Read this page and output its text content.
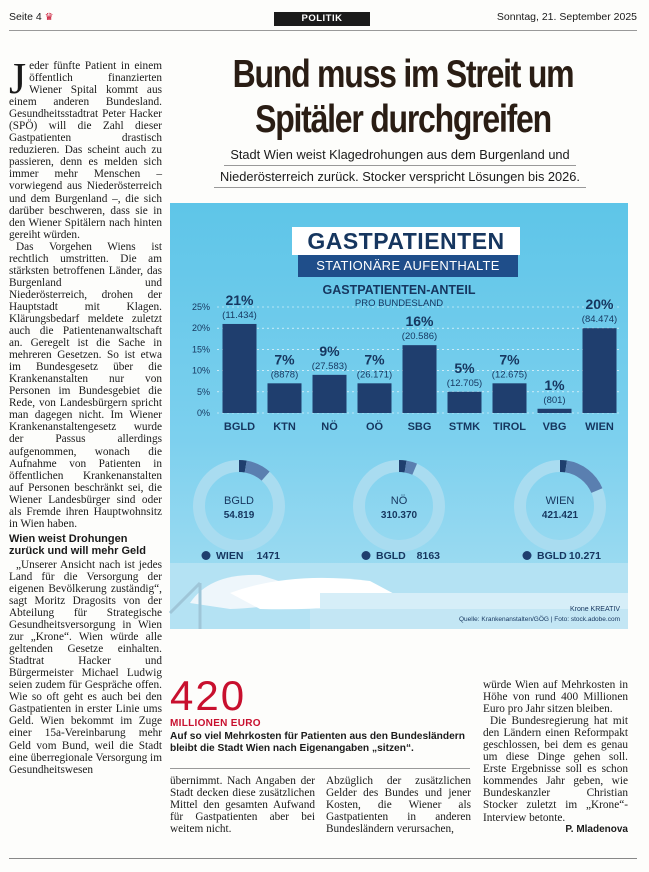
Seite 4 ♛	POLITIK	Sonntag, 21. September 2025

Jeder fünfte Patient in einem öffentlich finanzierten Wiener Spital kommt aus einem anderen Bundesland. Gesundheitsstadtrat Peter Hacker (SPÖ) will die Zahl dieser Gastpatienten drastisch reduzieren. Das scheint auch zu passieren, denn es melden sich immer mehr Menschen – vorwiegend aus Niederösterreich und dem Burgenland –, die sich darüber beschweren, dass sie in den Wiener Spitälern nach hinten gereiht würden.

Das Vorgehen Wiens ist rechtlich umstritten. Die am stärksten betroffenen Länder, das Burgenland und Niederösterreich, drohen der Hauptstadt mit Klagen. Klärungsbedarf meldete zuletzt auch die Patientenanwaltschaft an. Geregelt ist die Sache in mehreren Gesetzen. So ist etwa im Bundesgesetz über die Krankenanstalten nur von Personen im Bundesgebiet die Rede, von Landesbürgern spricht man dagegen nicht. Im Wiener Krankenanstaltengesetz wurde der Passus allerdings aufgenommen, wonach die Aufnahme von Patienten in öffentlichen Krankenanstalten auf Personen beschränkt sei, die Wiener Landesbürger sind oder als Fremde ihren Hauptwohnsitz in Wien haben.

Wien weist Drohungen zurück und will mehr Geld

„Unserer Ansicht nach ist jedes Land für die Versorgung der eigenen Bevölkerung zuständig“, sagt Moritz Dragosits von der Abteilung für Strategische Gesundheitsversorgung in Wien zur „Krone“. Wien würde alle geltenden Gesetze einhalten. Stadtrat Hacker und Bürgermeister Michael Ludwig seien zudem für Gespräche offen. Wie so oft geht es auch bei den Gastpatienten in erster Linie ums Geld. Wien bekommt im Zuge einer 15a-Vereinbarung mehr Geld vom Bund, weil die Stadt eine überregionale Versorgung im Gesundheitswesen

Bund muss im Streit um
Spitäler durchgreifen
Stadt Wien weist Klagedrohungen aus dem Burgenland und
Niederösterreich zurück. Stocker verspricht Lösungen bis 2026.
GASTPATIENTEN
STATIONÄRE AUFENTHALTE
GASTPATIENTEN-ANTEIL
PRO BUNDESLAND
0%
5%
10%
15%
20%
25% 21%
(11.434)
BGLD
7%
(8878)
KTN
9%
(27.583)
NÖ
7%
(26.171)
OÖ
16%
(20.586)
SBG
5%
(12.705)
STMK
7%
(12.675)
TIROL
1%
(801)
VBG
20%
(84.474)
WIEN
BGLD
54.819
WIEN 1471
NÖ
310.370
BGLD 8163
WIEN
421.421
BGLD 10.271
Krone KREATIV
Quelle: Krankenanstalten/GÖG | Foto: stock.adobe.com
420
MILLIONEN EURO
Auf so viel Mehrkosten für Patienten aus den Bundesländern bleibt die Stadt Wien nach Eigenangaben „sitzen“.

würde Wien auf Mehrkosten in Höhe von rund 400 Millionen Euro pro Jahr sitzen bleiben.

Die Bundesregierung hat mit den Ländern einen Reformpakt geschlossen, bei dem es genau um diese Dinge gehen soll. Erste Ergebnisse soll es schon kommendes Jahr geben, wie Bundeskanzler Christian Stocker zuletzt im „Krone“-Interview betonte.

P. Mladenova
übernimmt. Nach Angaben der Stadt decken diese zusätzlichen Mittel den gesamten Aufwand für Gastpatienten aber bei weitem nicht.
Abzüglich der zusätzlichen Gelder des Bundes und jener Kosten, die Wiener als Gastpatienten in anderen Bundesländern verursachen,
